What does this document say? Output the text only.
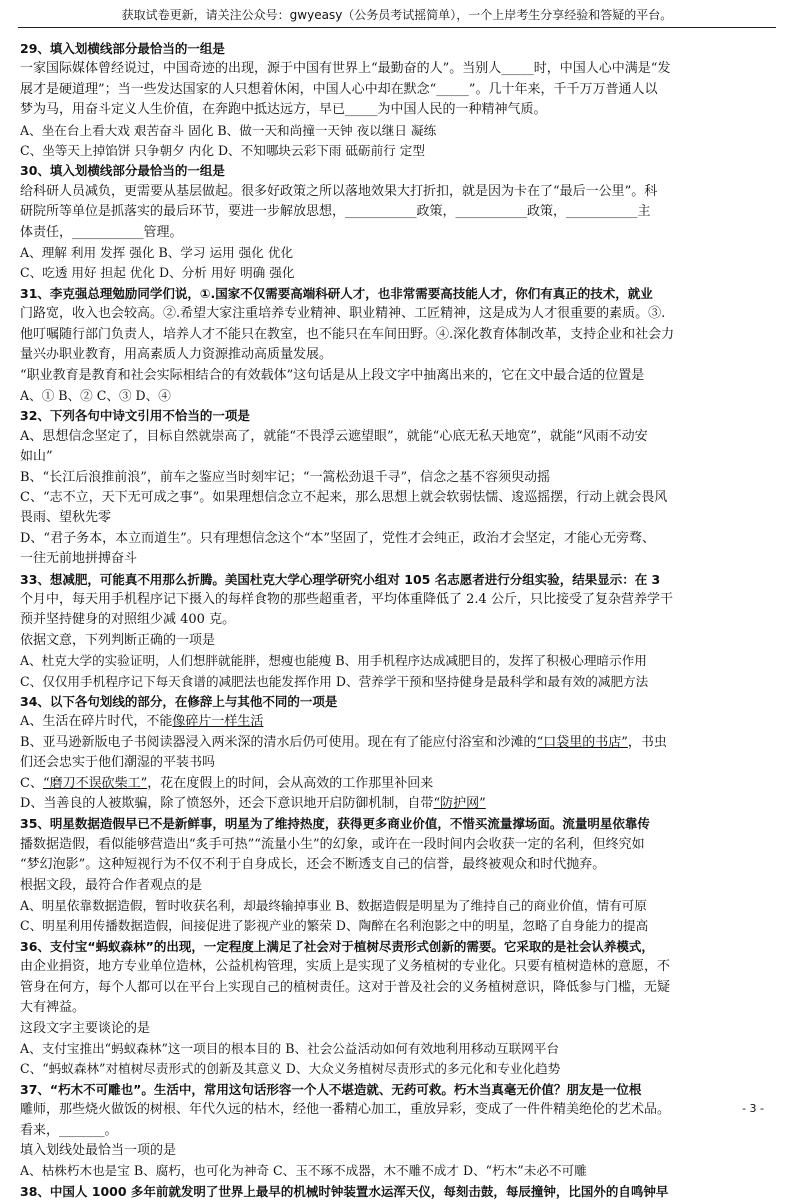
获取试卷更新，请关注公众号：gwyeasy（公务员考试摇简单），一个上岸考生分享经验和答疑的平台。

29、填入划横线部分最恰当的一组是

一家国际媒体曾经说过，中国奇迹的出现，源于中国有世界上“最勤奋的人”。当别人_____时，中国人心中满是“发

展才是硬道理”；当一些发达国家的人只想着休闲，中国人心中却在默念“_____”。几十年来，千千万万普通人以

梦为马，用奋斗定义人生价值，在奔跑中抵达远方，早已_____为中国人民的一种精神气质。

A、坐在台上看大戏 艰苦奋斗 固化 B、做一天和尚撞一天钟 夜以继日 凝练

C、坐等天上掉馅饼 只争朝夕 内化 D、不知哪块云彩下雨 砥砺前行 定型

30、填入划横线部分最恰当的一组是

给科研人员减负，更需要从基层做起。很多好政策之所以落地效果大打折扣，就是因为卡在了“最后一公里”。科

研院所等单位是抓落实的最后环节，要进一步解放思想，___________政策，___________政策，___________主

体责任，___________管理。

A、理解 利用 发挥 强化 B、学习 运用 强化 优化

C、吃透 用好 担起 优化 D、分析 用好 明确 强化

31、李克强总理勉励同学们说，①.国家不仅需要高端科研人才，也非常需要高技能人才，你们有真正的技术，就业

门路宽，收入也会较高。②.希望大家注重培养专业精神、职业精神、工匠精神，这是成为人才很重要的素质。③.

他叮嘱随行部门负责人，培养人才不能只在教室，也不能只在车间田野。④.深化教育体制改革，支持企业和社会力

量兴办职业教育，用高素质人力资源推动高质量发展。

“职业教育是教育和社会实际相结合的有效载体”这句话是从上段文字中抽离出来的，它在文中最合适的位置是

A、① B、② C、③ D、④

32、下列各句中诗文引用不恰当的一项是

A、思想信念坚定了，目标自然就崇高了，就能“不畏浮云遮望眼”，就能“心底无私天地宽”，就能“风雨不动安

如山”

B、“长江后浪推前浪”，前车之鉴应当时刻牢记；“一篙松劲退千寻”，信念之基不容须臾动摇

C、“志不立，天下无可成之事”。如果理想信念立不起来，那么思想上就会软弱怯懦、逡巡摇摆，行动上就会畏风

畏雨、望秋先零

D、“君子务本，本立而道生”。只有理想信念这个“本”坚固了，党性才会纯正，政治才会坚定，才能心无旁骛、

一往无前地拼搏奋斗

33、想减肥，可能真不用那么折腾。美国杜克大学心理学研究小组对 105 名志愿者进行分组实验，结果显示：在 3

个月中，每天用手机程序记下摄入的每样食物的那些超重者，平均体重降低了 2.4 公斤，只比接受了复杂营养学干

预并坚持健身的对照组少减 400 克。

依据文意，下列判断正确的一项是

A、杜克大学的实验证明，人们想胖就能胖，想瘦也能瘦 B、用手机程序达成减肥目的，发挥了积极心理暗示作用

C、仅仅用手机程序记下每天食谱的减肥法也能发挥作用 D、营养学干预和坚持健身是最科学和最有效的减肥方法

34、以下各句划线的部分，在修辞上与其他不同的一项是

A、生活在碎片时代，不能像碎片一样生活

B、亚马逊新版电子书阅读器浸入两米深的清水后仍可使用。现在有了能应付浴室和沙滩的“口袋里的书店”，书虫

们还会忠实于他们潮湿的平装书吗

C、“磨刀不误砍柴工”，花在度假上的时间，会从高效的工作那里补回来

D、当善良的人被欺骗，除了愤怒外，还会下意识地开启防御机制，自带“防护网”

35、明星数据造假早已不是新鲜事，明星为了维持热度，获得更多商业价值，不惜买流量撑场面。流量明星依靠传

播数据造假，看似能够营造出“炙手可热”“流量小生”的幻象，或许在一段时间内会收获一定的名利，但终究如

“梦幻泡影”。这种短视行为不仅不利于自身成长，还会不断透支自己的信誉，最终被观众和时代抛弃。

根据文段，最符合作者观点的是

A、明星依靠数据造假，暂时收获名利，却最终输掉事业 B、数据造假是明星为了维持自己的商业价值，情有可原

C、明星利用传播数据造假，间接促进了影视产业的繁荣 D、陶醉在名利泡影之中的明星，忽略了自身能力的提高

36、支付宝“蚂蚁森林”的出现，一定程度上满足了社会对于植树尽责形式创新的需要。它采取的是社会认养模式，

由企业捐资，地方专业单位造林，公益机构管理，实质上是实现了义务植树的专业化。只要有植树造林的意愿，不

管身在何方，每个人都可以在平台上实现自己的植树责任。这对于普及社会的义务植树意识，降低参与门槛，无疑

大有裨益。

这段文字主要谈论的是

A、支付宝推出“蚂蚁森林”这一项目的根本目的 B、社会公益活动如何有效地利用移动互联网平台

C、“蚂蚁森林”对植树尽责形式的创新及其意义 D、大众义务植树尽责形式的多元化和专业化趋势

37、“朽木不可雕也”。生活中，常用这句话形容一个人不堪造就、无药可救。朽木当真毫无价值？朋友是一位根

雕师，那些烧火做饭的树根、年代久远的枯木，经他一番精心加工，重放异彩，变成了一件件精美绝伦的艺术品。

看来，_______。

填入划线处最恰当一项的是

A、枯株朽木也是宝 B、腐朽，也可化为神奇 C、玉不琢不成器，木不雕不成才 D、“朽木”未必不可雕

38、中国人 1000 多年前就发明了世界上最早的机械时钟装置水运浑天仪，每刻击鼓，每辰撞钟，比国外的自鸣钟早

- 3 -
